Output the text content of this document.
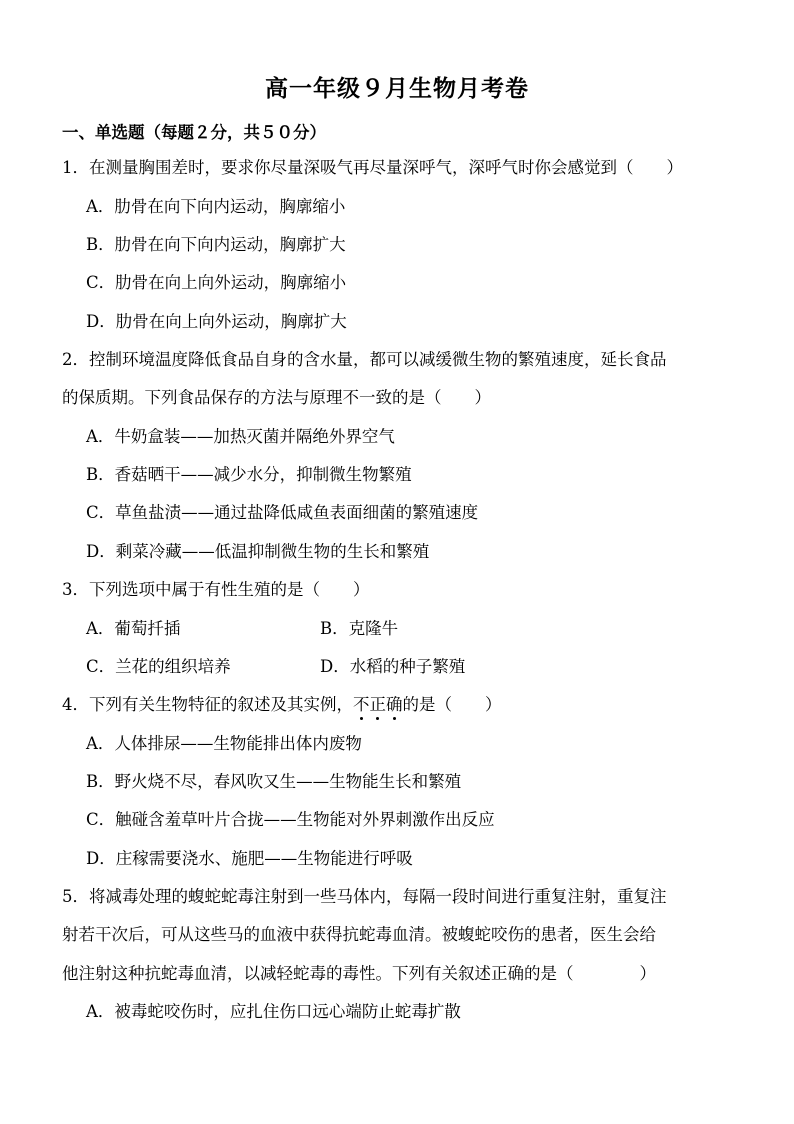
高一年级９月生物月考卷
一、单选题（每题２分，共５０分）
1．在测量胸围差时，要求你尽量深吸气再尽量深呼气，深呼气时你会感觉到（　　）
A．肋骨在向下向内运动，胸廓缩小
B．肋骨在向下向内运动，胸廓扩大
C．肋骨在向上向外运动，胸廓缩小
D．肋骨在向上向外运动，胸廓扩大
2．控制环境温度降低食品自身的含水量，都可以减缓微生物的繁殖速度，延长食品
的保质期。下列食品保存的方法与原理不一致的是（　　）
A．牛奶盒装——加热灭菌并隔绝外界空气
B．香菇晒干——减少水分，抑制微生物繁殖
C．草鱼盐渍——通过盐降低咸鱼表面细菌的繁殖速度
D．剩菜冷藏——低温抑制微生物的生长和繁殖
3．下列选项中属于有性生殖的是（　　）
A．葡萄扦插	B．克隆牛
C．兰花的组织培养	D．水稻的种子繁殖
4．下列有关生物特征的叙述及其实例，不正确的是（　　）
A．人体排尿——生物能排出体内废物
B．野火烧不尽，春风吹又生——生物能生长和繁殖
C．触碰含羞草叶片合拢——生物能对外界刺激作出反应
D．庄稼需要浇水、施肥——生物能进行呼吸
5．将减毒处理的蝮蛇蛇毒注射到一些马体内，每隔一段时间进行重复注射，重复注
射若干次后，可从这些马的血液中获得抗蛇毒血清。被蝮蛇咬伤的患者，医生会给
他注射这种抗蛇毒血清，以减轻蛇毒的毒性。下列有关叙述正确的是（　　　　）
A．被毒蛇咬伤时，应扎住伤口远心端防止蛇毒扩散
